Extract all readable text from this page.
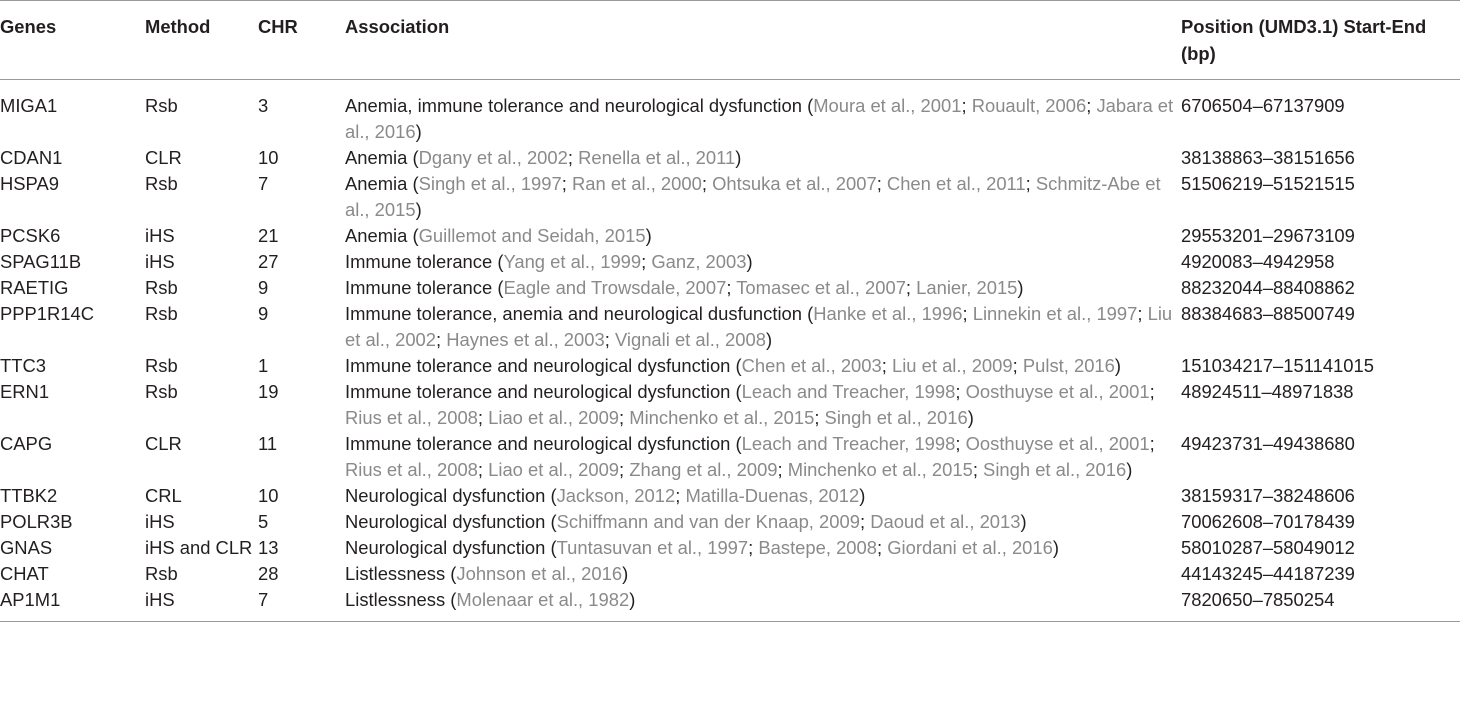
Genes	Method	CHR	Association	Position (UMD3.1) Start-End (bp)
MIGA1	Rsb	3	Anemia, immune tolerance and neurological dysfunction (Moura et al., 2001; Rouault, 2006; Jabara et al., 2016)	6706504–67137909
CDAN1	CLR	10	Anemia (Dgany et al., 2002; Renella et al., 2011)	38138863–38151656
HSPA9	Rsb	7	Anemia (Singh et al., 1997; Ran et al., 2000; Ohtsuka et al., 2007; Chen et al., 2011; Schmitz-Abe et al., 2015)	51506219–51521515
PCSK6	iHS	21	Anemia (Guillemot and Seidah, 2015)	29553201–29673109
SPAG11B	iHS	27	Immune tolerance (Yang et al., 1999; Ganz, 2003)	4920083–4942958
RAETIG	Rsb	9	Immune tolerance (Eagle and Trowsdale, 2007; Tomasec et al., 2007; Lanier, 2015)	88232044–88408862
PPP1R14C	Rsb	9	Immune tolerance, anemia and neurological dusfunction (Hanke et al., 1996; Linnekin et al., 1997; Liu et al., 2002; Haynes et al., 2003; Vignali et al., 2008)	88384683–88500749
TTC3	Rsb	1	Immune tolerance and neurological dysfunction (Chen et al., 2003; Liu et al., 2009; Pulst, 2016)	151034217–151141015
ERN1	Rsb	19	Immune tolerance and neurological dysfunction (Leach and Treacher, 1998; Oosthuyse et al., 2001; Rius et al., 2008; Liao et al., 2009; Minchenko et al., 2015; Singh et al., 2016)	48924511–48971838
CAPG	CLR	11	Immune tolerance and neurological dysfunction (Leach and Treacher, 1998; Oosthuyse et al., 2001; Rius et al., 2008; Liao et al., 2009; Zhang et al., 2009; Minchenko et al., 2015; Singh et al., 2016)	49423731–49438680
TTBK2	CRL	10	Neurological dysfunction (Jackson, 2012; Matilla-Duenas, 2012)	38159317–38248606
POLR3B	iHS	5	Neurological dysfunction (Schiffmann and van der Knaap, 2009; Daoud et al., 2013)	70062608–70178439
GNAS	iHS and CLR	13	Neurological dysfunction (Tuntasuvan et al., 1997; Bastepe, 2008; Giordani et al., 2016)	58010287–58049012
CHAT	Rsb	28	Listlessness (Johnson et al., 2016)	44143245–44187239
AP1M1	iHS	7	Listlessness (Molenaar et al., 1982)	7820650–7850254
